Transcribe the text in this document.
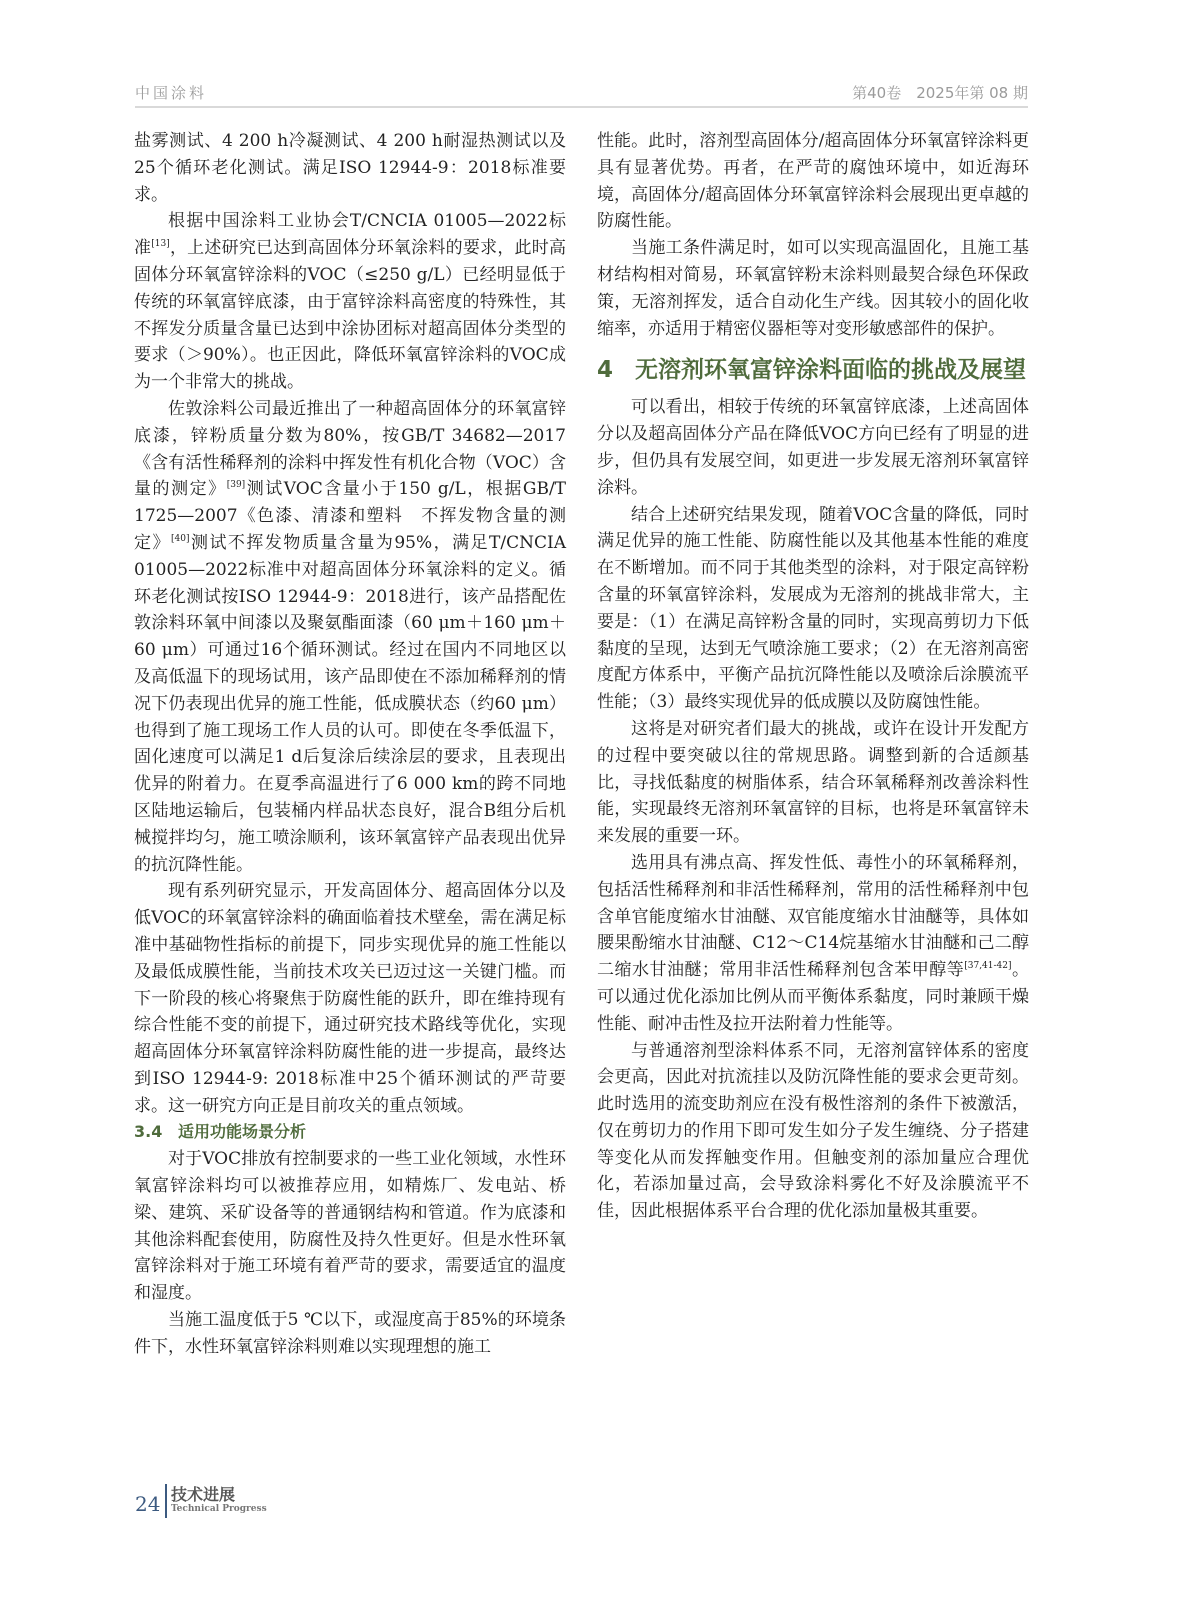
中国涂料	第40卷　2025年第 08 期

盐雾测试、4 200 h冷凝测试、4 200 h耐湿热测试以及25个循环老化测试。满足ISO 12944-9：2018标准要求。

根据中国涂料工业协会T/CNCIA 01005—2022标准[13]，上述研究已达到高固体分环氧涂料的要求，此时高固体分环氧富锌涂料的VOC（≤250 g/L）已经明显低于传统的环氧富锌底漆，由于富锌涂料高密度的特殊性，其不挥发分质量含量已达到中涂协团标对超高固体分类型的要求（＞90%）。也正因此，降低环氧富锌涂料的VOC成为一个非常大的挑战。

佐敦涂料公司最近推出了一种超高固体分的环氧富锌底漆，锌粉质量分数为80%，按GB/T 34682—2017《含有活性稀释剂的涂料中挥发性有机化合物（VOC）含量的测定》[39]测试VOC含量小于150 g/L，根据GB/T 1725—2007《色漆、清漆和塑料　不挥发物含量的测定》[40]测试不挥发物质量含量为95%，满足T/CNCIA 01005—2022标准中对超高固体分环氧涂料的定义。循环老化测试按ISO 12944-9：2018进行，该产品搭配佐敦涂料环氧中间漆以及聚氨酯面漆（60 μm＋160 μm＋60 μm）可通过16个循环测试。经过在国内不同地区以及高低温下的现场试用，该产品即使在不添加稀释剂的情况下仍表现出优异的施工性能，低成膜状态（约60 μm）也得到了施工现场工作人员的认可。即使在冬季低温下，固化速度可以满足1 d后复涂后续涂层的要求，且表现出优异的附着力。在夏季高温进行了6 000 km的跨不同地区陆地运输后，包装桶内样品状态良好，混合B组分后机械搅拌均匀，施工喷涂顺利，该环氧富锌产品表现出优异的抗沉降性能。

现有系列研究显示，开发高固体分、超高固体分以及低VOC的环氧富锌涂料的确面临着技术壁垒，需在满足标准中基础物性指标的前提下，同步实现优异的施工性能以及最低成膜性能，当前技术攻关已迈过这一关键门槛。而下一阶段的核心将聚焦于防腐性能的跃升，即在维持现有综合性能不变的前提下，通过研究技术路线等优化，实现超高固体分环氧富锌涂料防腐性能的进一步提高，最终达到ISO 12944-9: 2018标准中25个循环测试的严苛要求。这一研究方向正是目前攻关的重点领域。

3.4 适用功能场景分析

对于VOC排放有控制要求的一些工业化领域，水性环氧富锌涂料均可以被推荐应用，如精炼厂、发电站、桥梁、建筑、采矿设备等的普通钢结构和管道。作为底漆和其他涂料配套使用，防腐性及持久性更好。但是水性环氧富锌涂料对于施工环境有着严苛的要求，需要适宜的温度和湿度。

当施工温度低于5 ℃以下，或湿度高于85%的环境条件下，水性环氧富锌涂料则难以实现理想的施工

性能。此时，溶剂型高固体分/超高固体分环氧富锌涂料更具有显著优势。再者，在严苛的腐蚀环境中，如近海环境，高固体分/超高固体分环氧富锌涂料会展现出更卓越的防腐性能。

当施工条件满足时，如可以实现高温固化，且施工基材结构相对简易，环氧富锌粉末涂料则最契合绿色环保政策，无溶剂挥发，适合自动化生产线。因其较小的固化收缩率，亦适用于精密仪器柜等对变形敏感部件的保护。

4 无溶剂环氧富锌涂料面临的挑战及展望

可以看出，相较于传统的环氧富锌底漆，上述高固体分以及超高固体分产品在降低VOC方向已经有了明显的进步，但仍具有发展空间，如更进一步发展无溶剂环氧富锌涂料。

结合上述研究结果发现，随着VOC含量的降低，同时满足优异的施工性能、防腐性能以及其他基本性能的难度在不断增加。而不同于其他类型的涂料，对于限定高锌粉含量的环氧富锌涂料，发展成为无溶剂的挑战非常大，主要是：（1）在满足高锌粉含量的同时，实现高剪切力下低黏度的呈现，达到无气喷涂施工要求；（2）在无溶剂高密度配方体系中，平衡产品抗沉降性能以及喷涂后涂膜流平性能；（3）最终实现优异的低成膜以及防腐蚀性能。

这将是对研究者们最大的挑战，或许在设计开发配方的过程中要突破以往的常规思路。调整到新的合适颜基比，寻找低黏度的树脂体系，结合环氧稀释剂改善涂料性能，实现最终无溶剂环氧富锌的目标，也将是环氧富锌未来发展的重要一环。

选用具有沸点高、挥发性低、毒性小的环氧稀释剂，包括活性稀释剂和非活性稀释剂，常用的活性稀释剂中包含单官能度缩水甘油醚、双官能度缩水甘油醚等，具体如腰果酚缩水甘油醚、C12～C14烷基缩水甘油醚和己二醇二缩水甘油醚；常用非活性稀释剂包含苯甲醇等[37,41-42]。可以通过优化添加比例从而平衡体系黏度，同时兼顾干燥性能、耐冲击性及拉开法附着力性能等。

与普通溶剂型涂料体系不同，无溶剂富锌体系的密度会更高，因此对抗流挂以及防沉降性能的要求会更苛刻。此时选用的流变助剂应在没有极性溶剂的条件下被激活，仅在剪切力的作用下即可发生如分子发生缠绕、分子搭建等变化从而发挥触变作用。但触变剂的添加量应合理优化，若添加量过高，会导致涂料雾化不好及涂膜流平不佳，因此根据体系平台合理的优化添加量极其重要。

24 技术进展
Technical Progress
